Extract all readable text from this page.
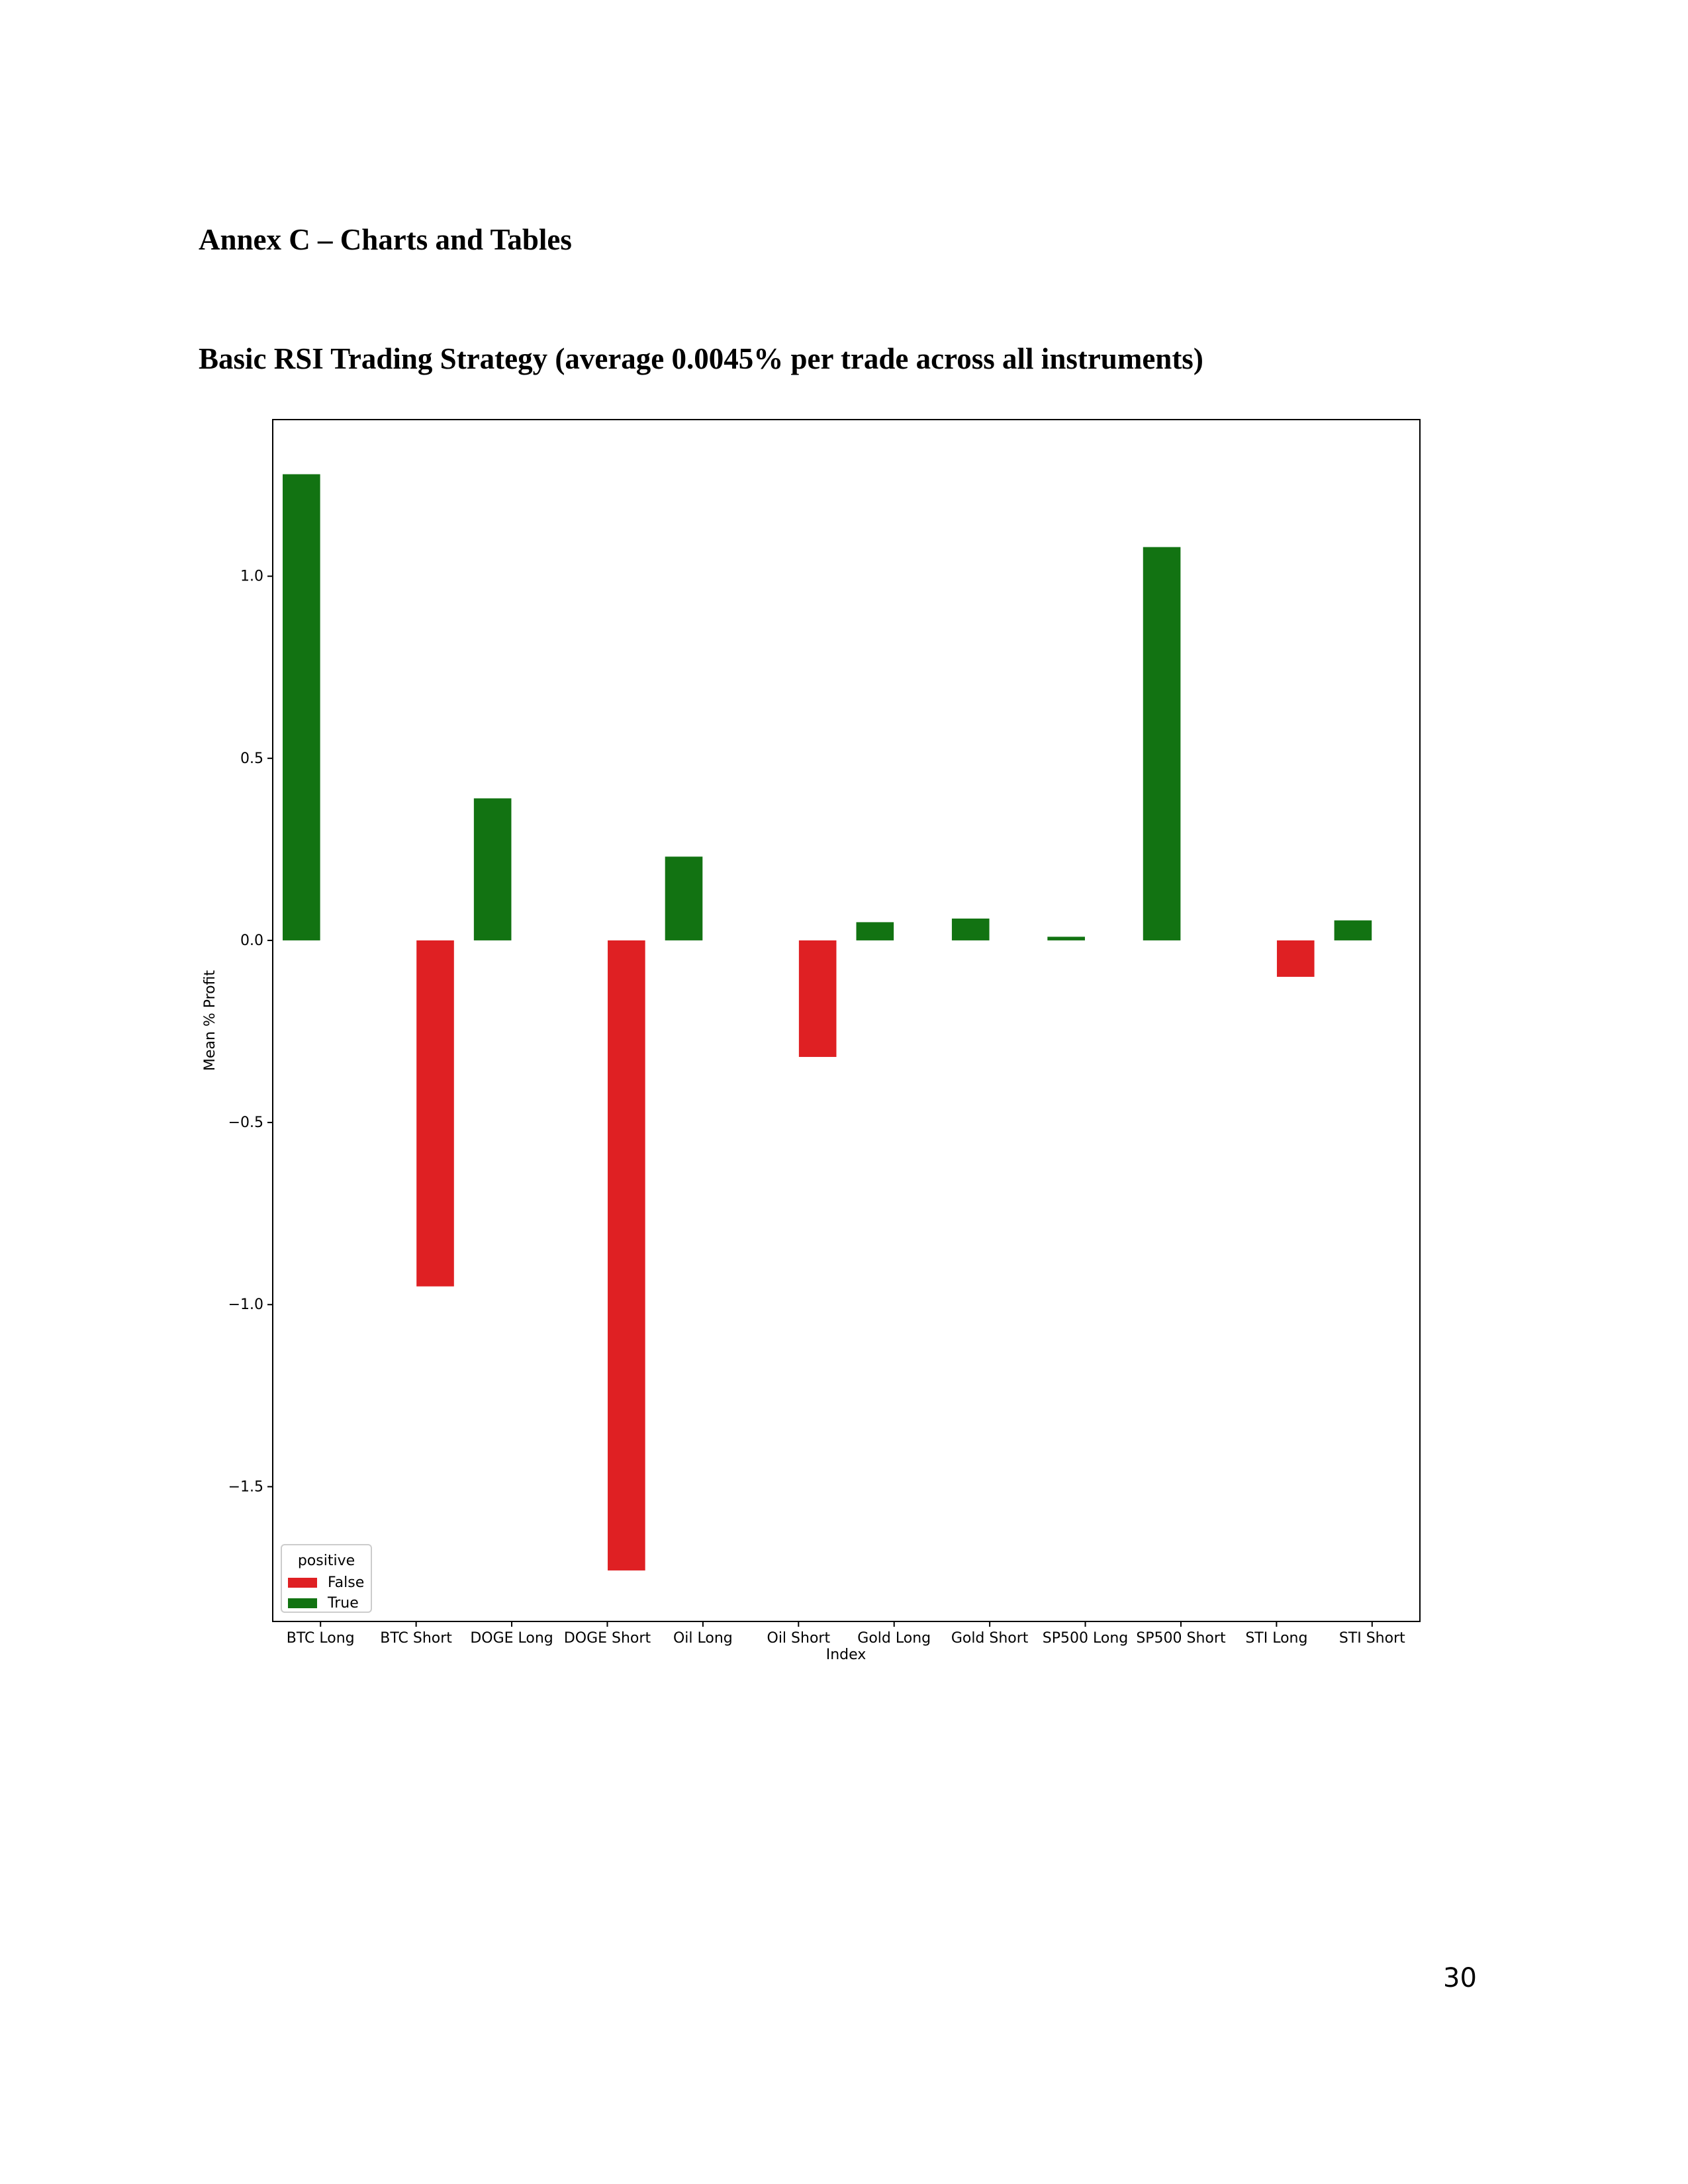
Annex C – Charts and Tables
Basic RSI Trading Strategy (average 0.0045% per trade across all instruments)
−1.5
−1.0
−0.5
0.0
0.5
1.0
BTC Long BTC Short DOGE Long DOGE Short Oil Long Oil Short Gold Long Gold Short SP500 Long SP500 Short STI Long STI Short
Mean % Profit
Index
positive
False
True
30
